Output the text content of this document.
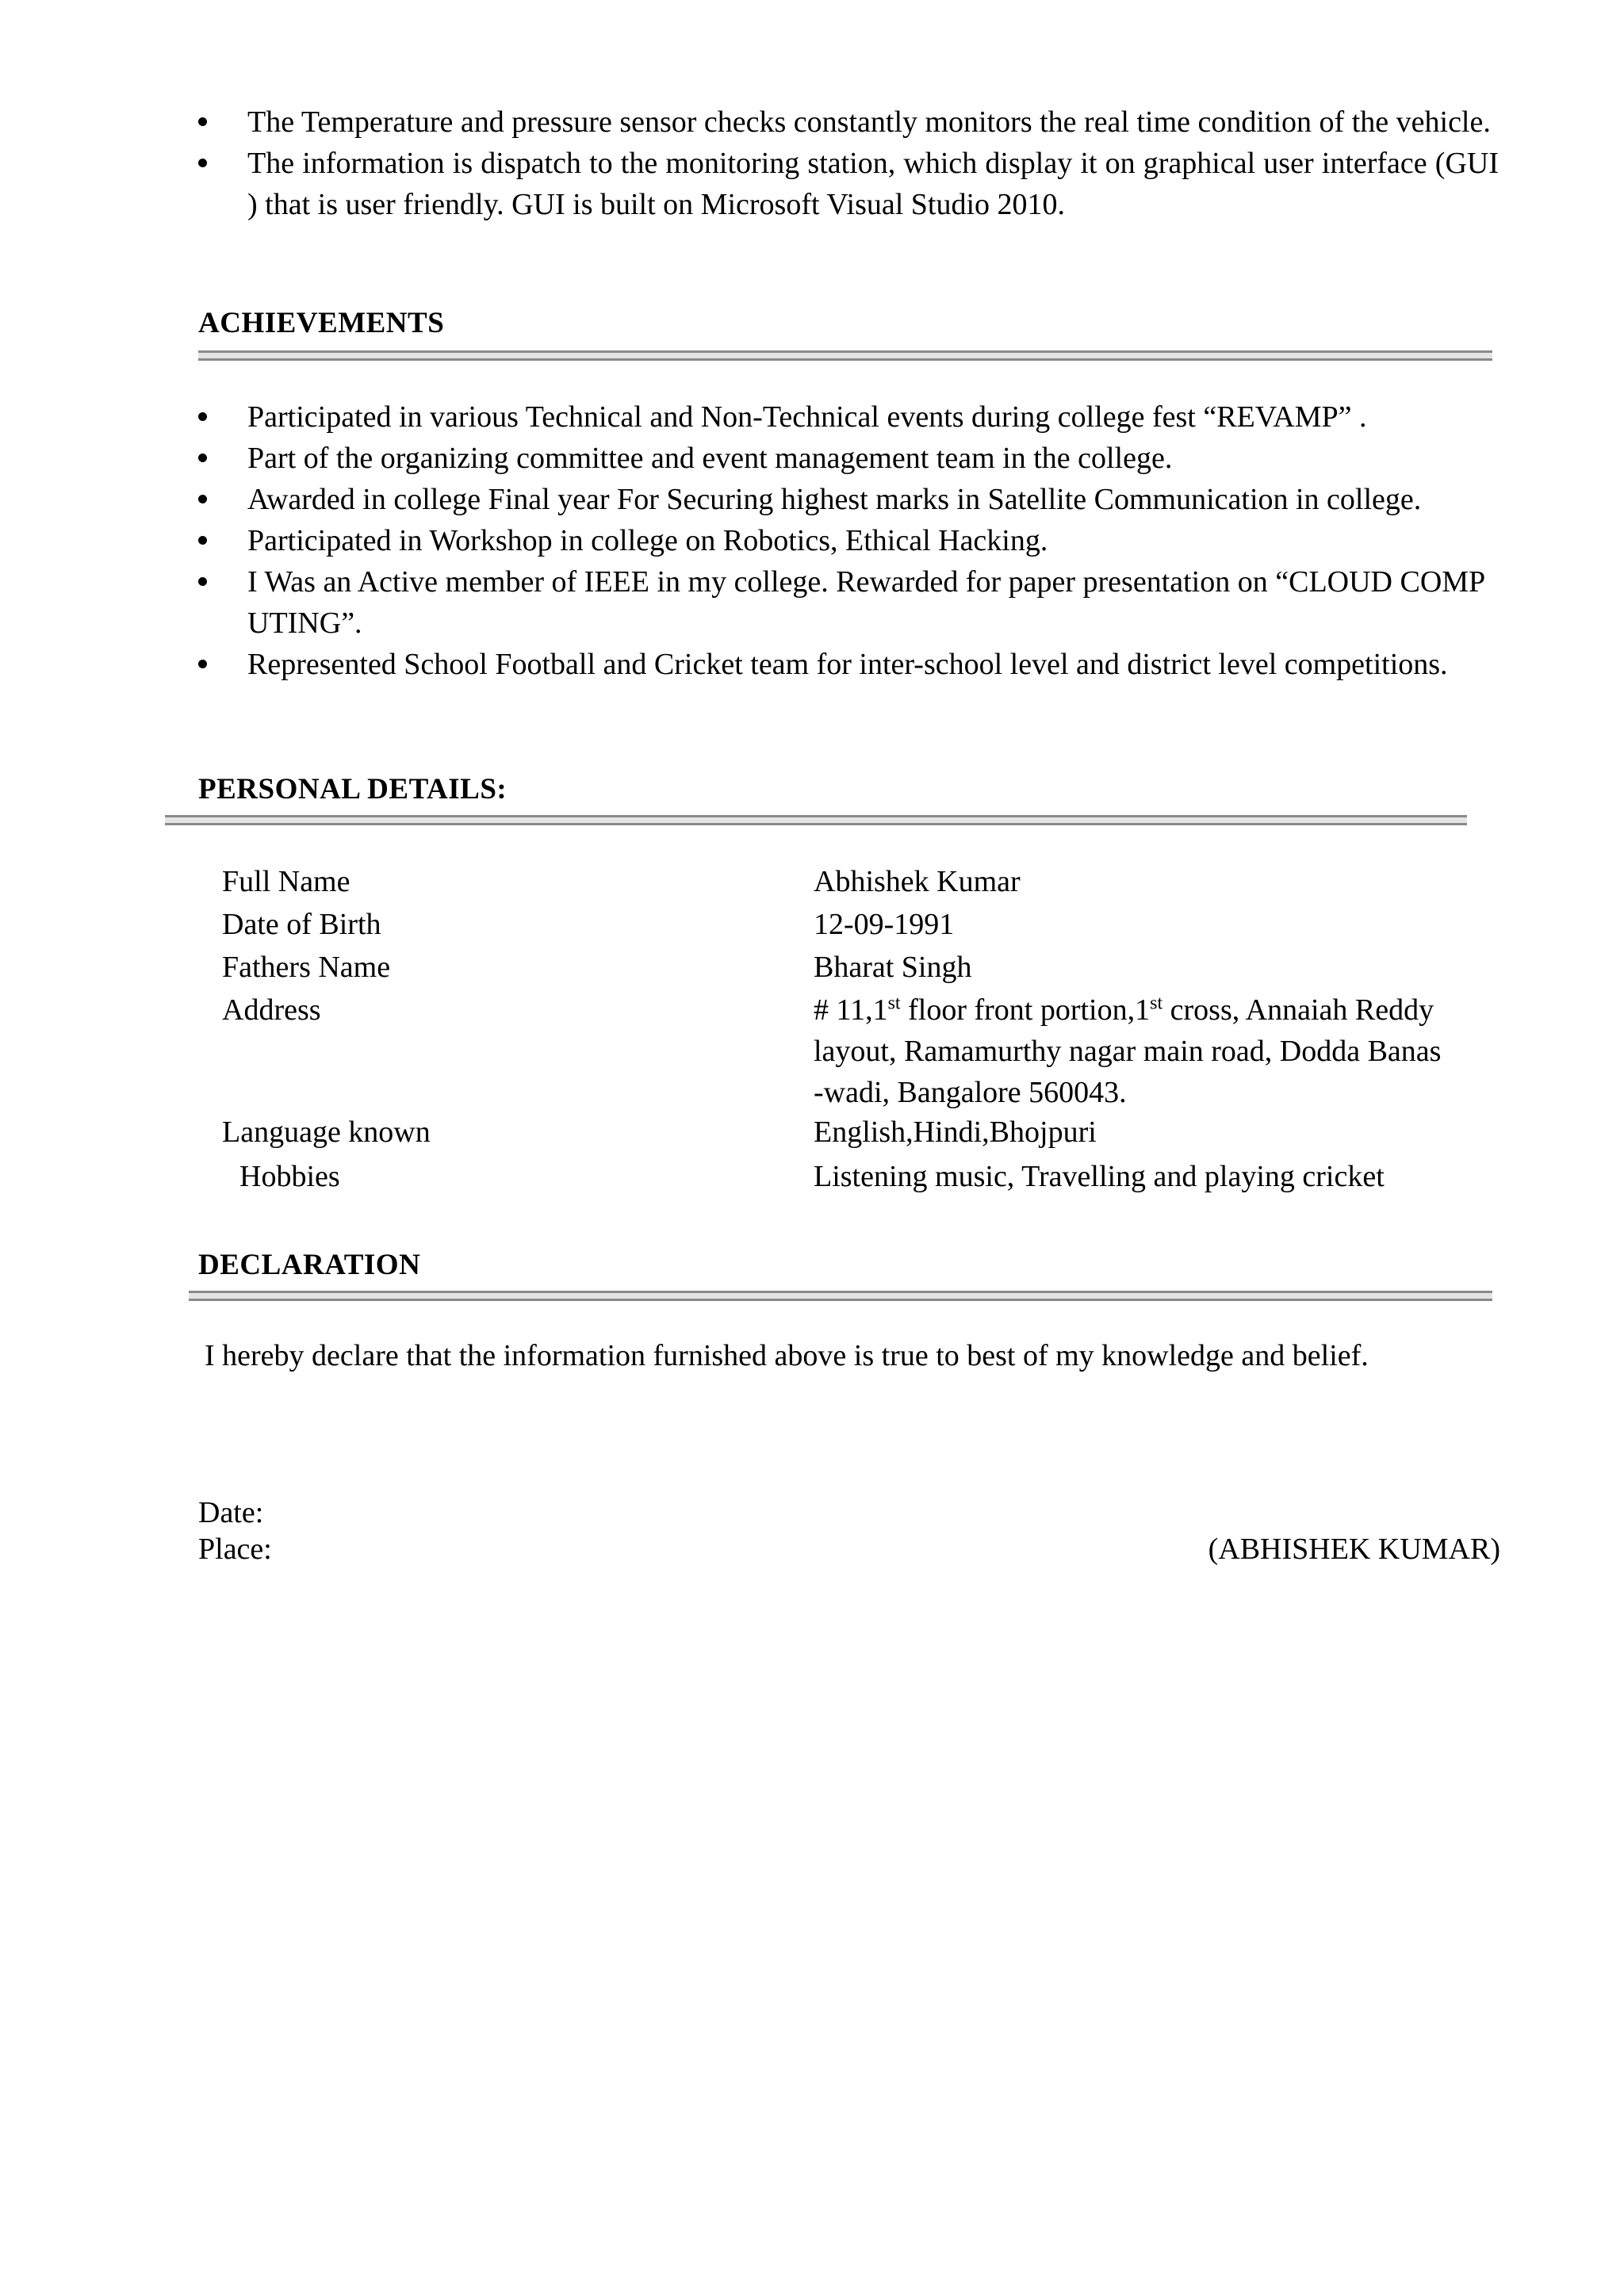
The Temperature and pressure sensor checks constantly monitors the real time condition of the vehicle.
The information is dispatch to the monitoring station, which display it on graphical user interface (GUI ) that is user friendly. GUI is built on Microsoft Visual Studio 2010.
ACHIEVEMENTS
Participated in various Technical and Non-Technical events during college fest “REVAMP” .
Part of the organizing committee and event management team in the college.
Awarded in college Final year For Securing highest marks in Satellite Communication in college.
Participated in Workshop in college on Robotics, Ethical Hacking.
I Was an Active member of IEEE in my college. Rewarded for paper presentation on “CLOUD COMP UTING”.
Represented School Football and Cricket team for inter-school level and district level competitions.
PERSONAL DETAILS:
Full Name	Abhishek Kumar
Date of Birth	12-09-1991
Fathers Name	Bharat Singh
Address	# 11,1st floor front portion,1st cross, Annaiah Reddy
layout, Ramamurthy nagar main road, Dodda Banas
-wadi, Bangalore 560043.
Language known	English,Hindi,Bhojpuri
Hobbies	Listening music, Travelling and playing cricket
DECLARATION
I hereby declare that the information furnished above is true to best of my knowledge and belief.
Date:
Place:	(ABHISHEK KUMAR)
